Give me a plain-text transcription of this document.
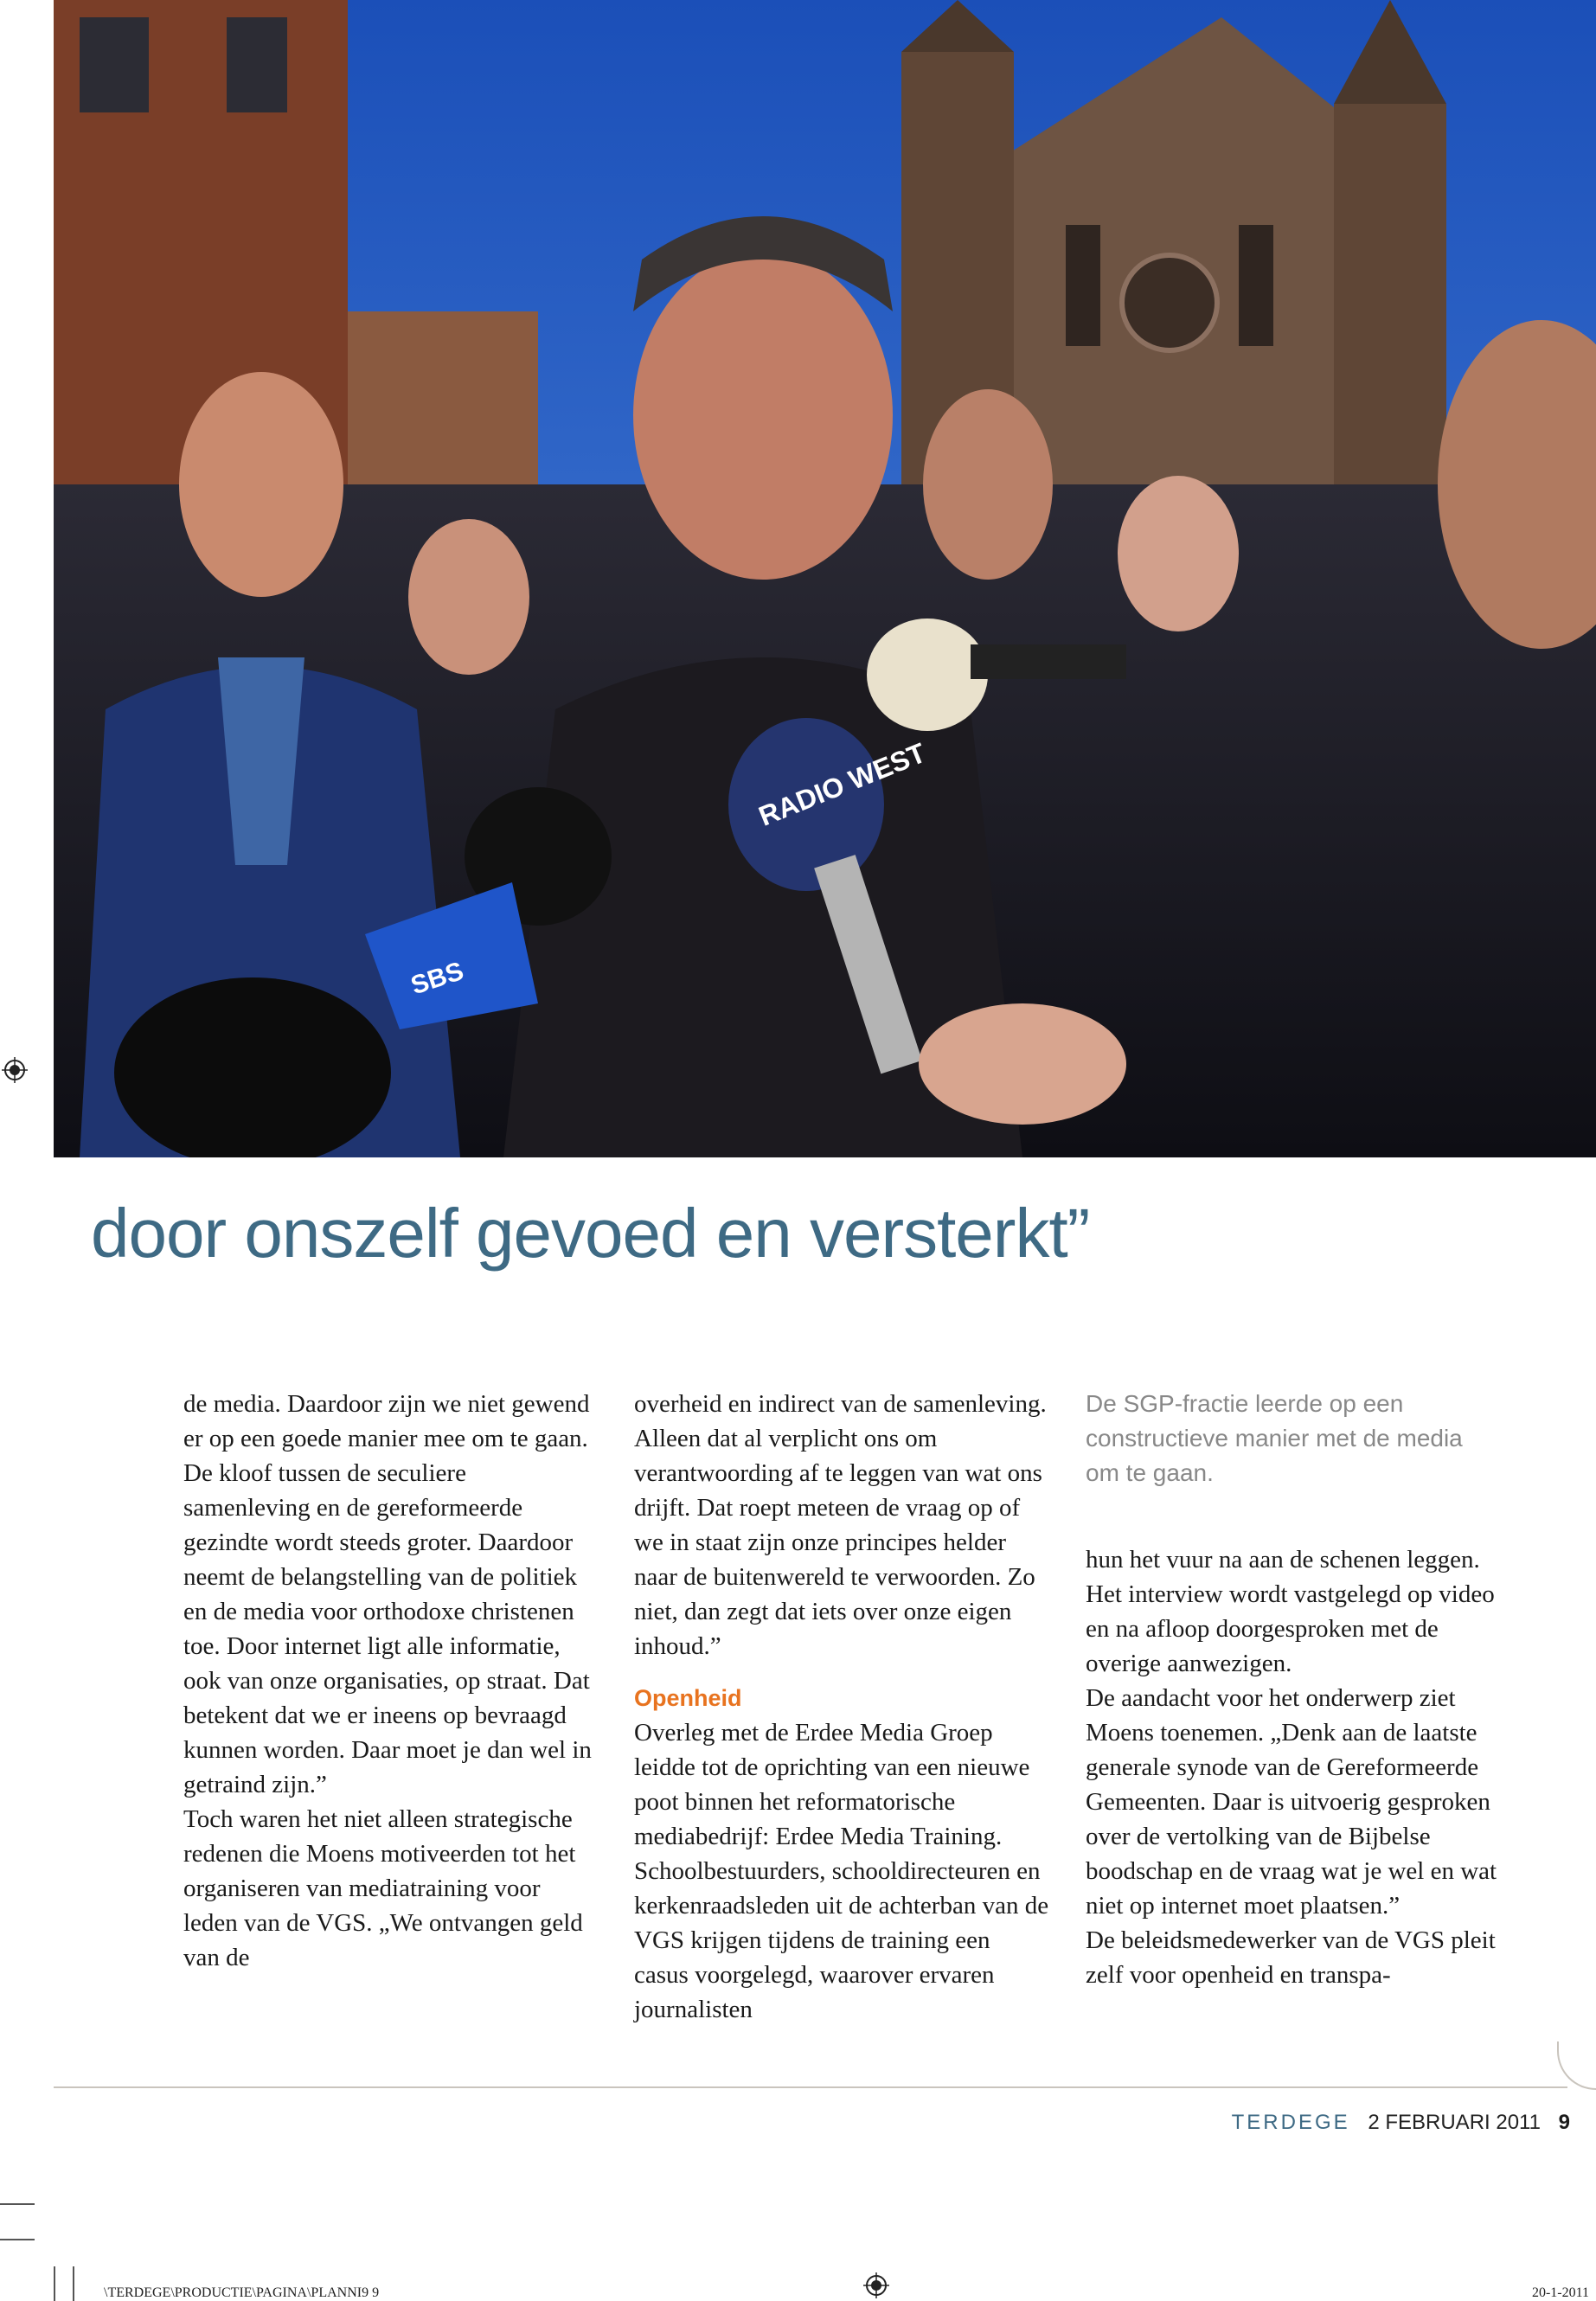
RADIO WEST
SBS
door onszelf gevoed en versterkt”

de media. Daardoor zijn we niet gewend er op een goede manier mee om te gaan. De kloof tussen de seculiere samenleving en de gereformeerde gezindte wordt steeds groter. Daardoor neemt de belangstelling van de politiek en de media voor orthodoxe christenen toe. Door internet ligt alle informatie, ook van onze organisaties, op straat. Dat betekent dat we er ineens op bevraagd kunnen worden. Daar moet je dan wel in getraind zijn.”

Toch waren het niet alleen strategische redenen die Moens motiveerden tot het organiseren van mediatraining voor leden van de VGS. „We ontvangen geld van de

overheid en indirect van de samenleving. Alleen dat al verplicht ons om verantwoording af te leggen van wat ons drijft. Dat roept meteen de vraag op of we in staat zijn onze principes helder naar de buitenwereld te verwoorden. Zo niet, dan zegt dat iets over onze eigen inhoud.”

Openheid

Overleg met de Erdee Media Groep leidde tot de oprichting van een nieuwe poot binnen het reformatorische mediabedrijf: Erdee Media Training. Schoolbestuurders, schooldirecteuren en kerkenraadsleden uit de achterban van de VGS krijgen tijdens de training een casus voorgelegd, waarover ervaren journalisten

De SGP-fractie leerde op een constructieve manier met de media om te gaan.

hun het vuur na aan de schenen leggen. Het interview wordt vastgelegd op video en na afloop doorgesproken met de overige aanwezigen.

De aandacht voor het onderwerp ziet Moens toenemen. „Denk aan de laatste generale synode van de Gereformeerde Gemeenten. Daar is uitvoerig gesproken over de vertolking van de Bijbelse boodschap en de vraag wat je wel en wat niet op internet moet plaatsen.”

De beleidsmedewerker van de VGS pleit zelf voor openheid en transpa-

TERDEGE 2 FEBRUARI 2011 9
\TERDEGE\PRODUCTIE\PAGINA\PLANNI9 9	20-1-2011
